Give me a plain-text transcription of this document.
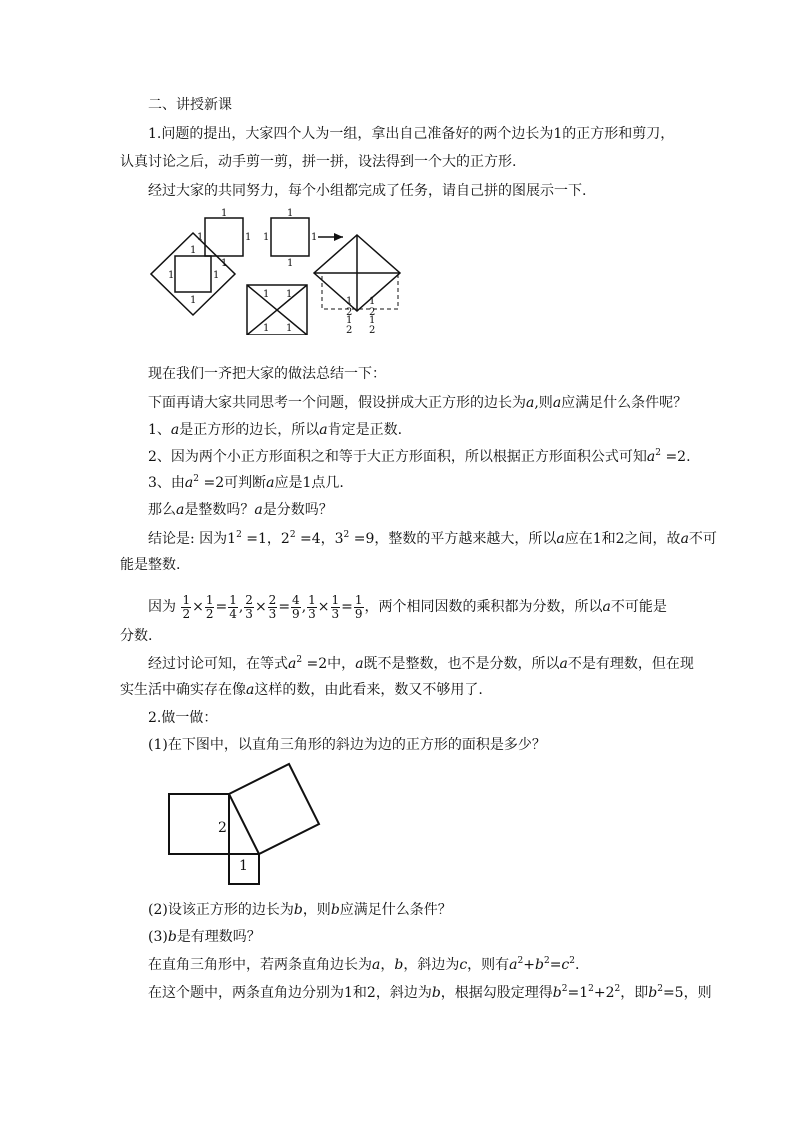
二、讲授新课
1.问题的提出，大家四个人为一组，拿出自己准备好的两个边长为1的正方形和剪刀，
认真讨论之后，动手剪一剪，拼一拼，设法得到一个大的正方形.
经过大家的共同努力，每个小组都完成了任务，请自己拼的图展示一下.
1
1	1
1
1
1	1
1
1
1	1
1
1 1
1 1
1
2
1
2
1
2
1
2
现在我们一齐把大家的做法总结一下：
下面再请大家共同思考一个问题，假设拼成大正方形的边长为a,则a应满足什么条件呢？
1、a是正方形的边长，所以a肯定是正数.
2、因为两个小正方形面积之和等于大正方形面积，所以根据正方形面积公式可知$a^2 =2$.
3、由$a^2 =2$可判断a应是1点几.
那么a是整数吗？a是分数吗？
结论是: 因为$1^2 =1$，$2^2 =4$，$3^2 =9$，整数的平方越来越大，所以a应在1和2之间，故a不可
能是整数.
因为 $\frac{1}{2} \times \frac{1}{2} = \frac{1}{4}$ , $\frac{2}{3} \times \frac{2}{3} = \frac{4}{9}$ , $\frac{1}{3} \times \frac{1}{3} = \frac{1}{9}$ ，两个相同因数的乘积都为分数，所以a不可能是
分数.
经过讨论可知，在等式$a^2 =2$中，a既不是整数，也不是分数，所以a不是有理数，但在现
实生活中确实存在像a这样的数，由此看来，数又不够用了.
2.做一做：
(1)在下图中，以直角三角形的斜边为边的正方形的面积是多少？
2
1
(2)设该正方形的边长为b，则b应满足什么条件？
(3)b是有理数吗？
在直角三角形中，若两条直角边长为a，b，斜边为c，则有$a^2+b^2=c^2$.
在这个题中，两条直角边分别为1和2，斜边为b，根据勾股定理得$b^2=1^2+2^2$，即$b^2=5$，则
